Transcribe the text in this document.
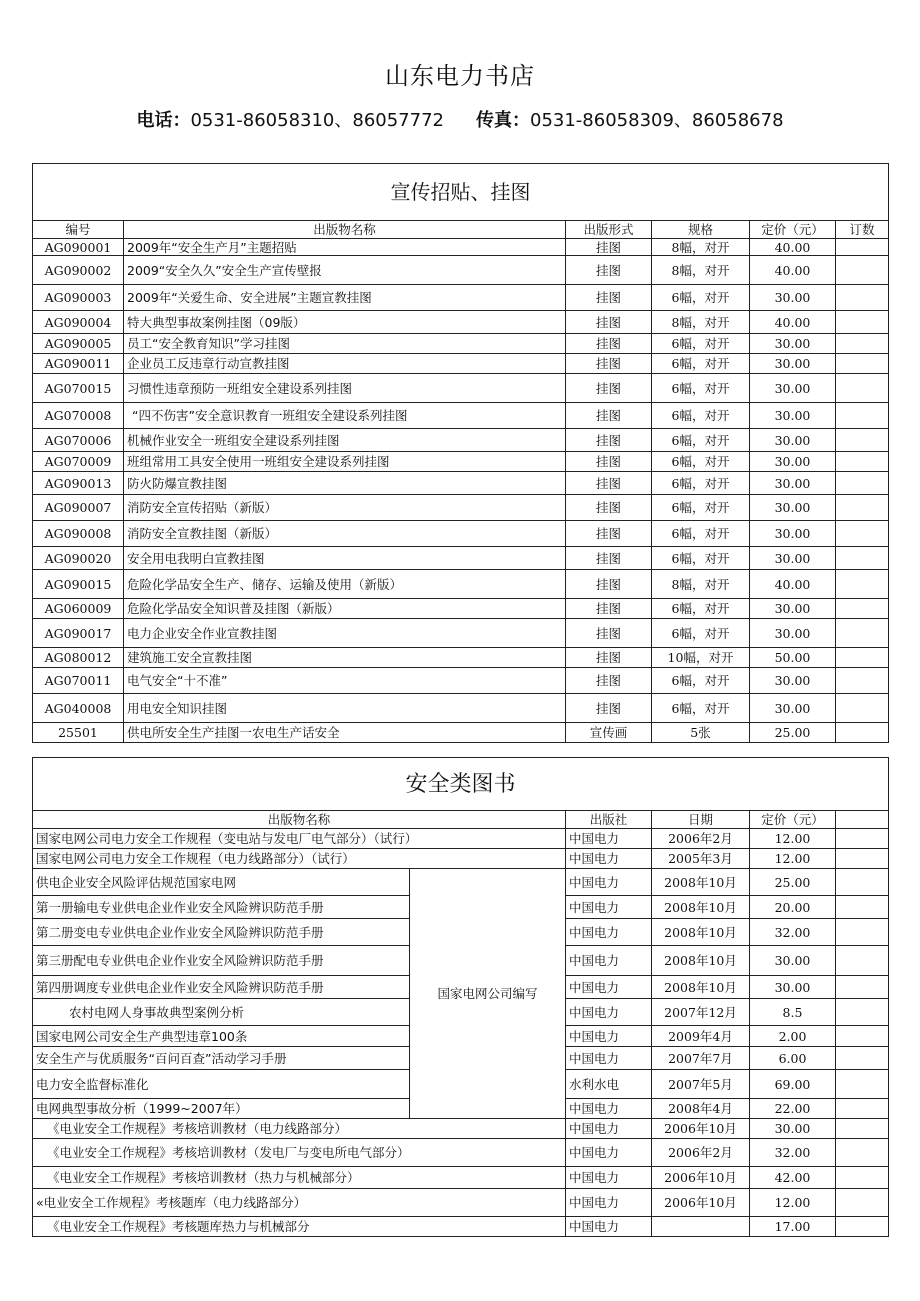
山东电力书店
电话：0531-86058310、86057772 传真：0531-86058309、86058678
宣传招贴、挂图					
编号	出版物名称	出版形式	规格	定价（元）	订数
AG090001	2009年“安全生产月”主题招贴	挂图	8幅，对开	40.00	
AG090002	2009“安全久久”安全生产宣传壁报	挂图	8幅，对开	40.00	
AG090003	2009年“关爱生命、安全进展”主题宣教挂图	挂图	6幅，对开	30.00	
AG090004	特大典型事故案例挂图（09版）	挂图	8幅，对开	40.00	
AG090005	员工“安全教育知识”学习挂图	挂图	6幅，对开	30.00	
AG090011	企业员工反违章行动宣教挂图	挂图	6幅，对开	30.00	
AG070015	习惯性违章预防一班组安全建设系列挂图	挂图	6幅，对开	30.00	
AG070008	“四不伤害”安全意识教育一班组安全建设系列挂图	挂图	6幅，对开	30.00	
AG070006	机械作业安全一班组安全建设系列挂图	挂图	6幅，对开	30.00	
AG070009	班组常用工具安全使用一班组安全建设系列挂图	挂图	6幅，对开	30.00	
AG090013	防火防爆宣教挂图	挂图	6幅，对开	30.00	
AG090007	消防安全宣传招贴（新版）	挂图	6幅，对开	30.00	
AG090008	消防安全宣教挂图（新版）	挂图	6幅，对开	30.00	
AG090020	安全用电我明白宣教挂图	挂图	6幅，对开	30.00	
AG090015	危险化学品安全生产、储存、运输及使用（新版）	挂图	8幅，对开	40.00	
AG060009	危险化学品安全知识普及挂图（新版）	挂图	6幅，对开	30.00	
AG090017	电力企业安全作业宣教挂图	挂图	6幅，对开	30.00	
AG080012	建筑施工安全宣教挂图	挂图	10幅，对开	50.00	
AG070011	电气安全“十不准”	挂图	6幅，对开	30.00	
AG040008	用电安全知识挂图	挂图	6幅，对开	30.00	
25501	供电所安全生产挂图一农电生产话安全	宣传画	5张	25.00	
安全类图书					
出版物名称		出版社	日期	定价（元）	
国家电网公司电力安全工作规程（变电站与发电厂电气部分）（试行）		中国电力	2006年2月	12.00	
国家电网公司电力安全工作规程（电力线路部分）（试行）		中国电力	2005年3月	12.00	
供电企业安全风险评估规范国家电网	国家电网公司编写	中国电力	2008年10月	25.00	
第一册输电专业供电企业作业安全风险辨识防范手册		中国电力	2008年10月	20.00	
第二册变电专业供电企业作业安全风险辨识防范手册		中国电力	2008年10月	32.00	
第三册配电专业供电企业作业安全风险辨识防范手册		中国电力	2008年10月	30.00	
第四册调度专业供电企业作业安全风险辨识防范手册		中国电力	2008年10月	30.00	
农村电网人身事故典型案例分析		中国电力	2007年12月	8.5	
国家电网公司安全生产典型违章100条		中国电力	2009年4月	2.00	
安全生产与优质服务“百问百查”活动学习手册		中国电力	2007年7月	6.00	
电力安全监督标准化		水利水电	2007年5月	69.00	
电网典型事故分析（1999~2007年）		中国电力	2008年4月	22.00	
《电业安全工作规程》考核培训教材（电力线路部分）		中国电力	2006年10月	30.00	
《电业安全工作规程》考核培训教材（发电厂与变电所电气部分）		中国电力	2006年2月	32.00	
《电业安全工作规程》考核培训教材（热力与机械部分）		中国电力	2006年10月	42.00	
«电业安全工作规程》考核题库（电力线路部分）		中国电力	2006年10月	12.00	
《电业安全工作规程》考核题库热力与机械部分		中国电力		17.00	
